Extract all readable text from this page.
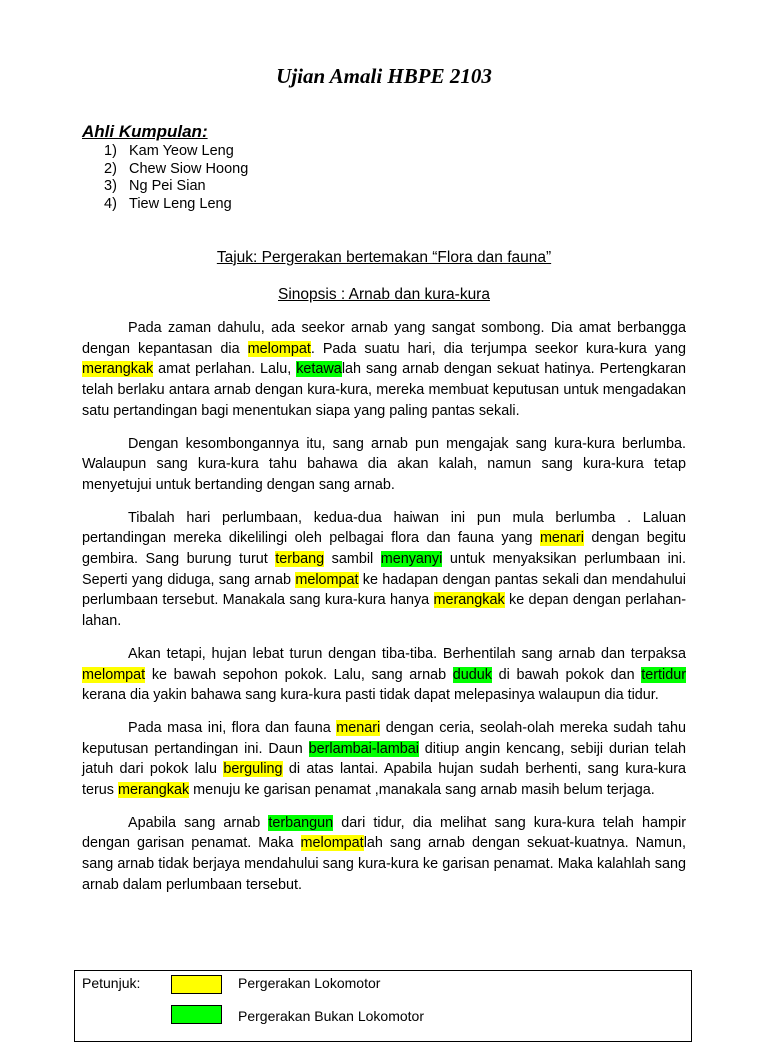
Ujian Amali HBPE 2103
Ahli Kumpulan:
1) Kam Yeow Leng
2) Chew Siow Hoong
3) Ng Pei Sian
4) Tiew Leng Leng
Tajuk: Pergerakan bertemakan “Flora dan fauna”
Sinopsis : Arnab dan kura-kura

Pada zaman dahulu, ada seekor arnab yang sangat sombong. Dia amat berbangga dengan kepantasan dia melompat. Pada suatu hari, dia terjumpa seekor kura-kura yang merangkak amat perlahan. Lalu, ketawalah sang arnab dengan sekuat hatinya. Pertengkaran telah berlaku antara arnab dengan kura-kura, mereka membuat keputusan untuk mengadakan satu pertandingan bagi menentukan siapa yang paling pantas sekali.

Dengan kesombongannya itu, sang arnab pun mengajak sang kura-kura berlumba. Walaupun sang kura-kura tahu bahawa dia akan kalah, namun sang kura-kura tetap menyetujui untuk bertanding dengan sang arnab.

Tibalah hari perlumbaan, kedua-dua haiwan ini pun mula berlumba . Laluan pertandingan mereka dikelilingi oleh pelbagai flora dan fauna yang menari dengan begitu gembira. Sang burung turut terbang sambil menyanyi untuk menyaksikan perlumbaan ini. Seperti yang diduga, sang arnab melompat ke hadapan dengan pantas sekali dan mendahului perlumbaan tersebut. Manakala sang kura-kura hanya merangkak ke depan dengan perlahan-lahan.

Akan tetapi, hujan lebat turun dengan tiba-tiba. Berhentilah sang arnab dan terpaksa melompat ke bawah sepohon pokok. Lalu, sang arnab duduk di bawah pokok dan tertidur kerana dia yakin bahawa sang kura-kura pasti tidak dapat melepasinya walaupun dia tidur.

Pada masa ini, flora dan fauna menari dengan ceria, seolah-olah mereka sudah tahu keputusan pertandingan ini. Daun berlambai-lambai ditiup angin kencang, sebiji durian telah jatuh dari pokok lalu berguling di atas lantai. Apabila hujan sudah berhenti, sang kura-kura terus merangkak menuju ke garisan penamat ,manakala sang arnab masih belum terjaga.

Apabila sang arnab terbangun dari tidur, dia melihat sang kura-kura telah hampir dengan garisan penamat. Maka melompatlah sang arnab dengan sekuat-kuatnya. Namun, sang arnab tidak berjaya mendahului sang kura-kura ke garisan penamat. Maka kalahlah sang arnab dalam perlumbaan tersebut.

Petunjuk:	Pergerakan Lokomotor
Pergerakan Bukan Lokomotor
